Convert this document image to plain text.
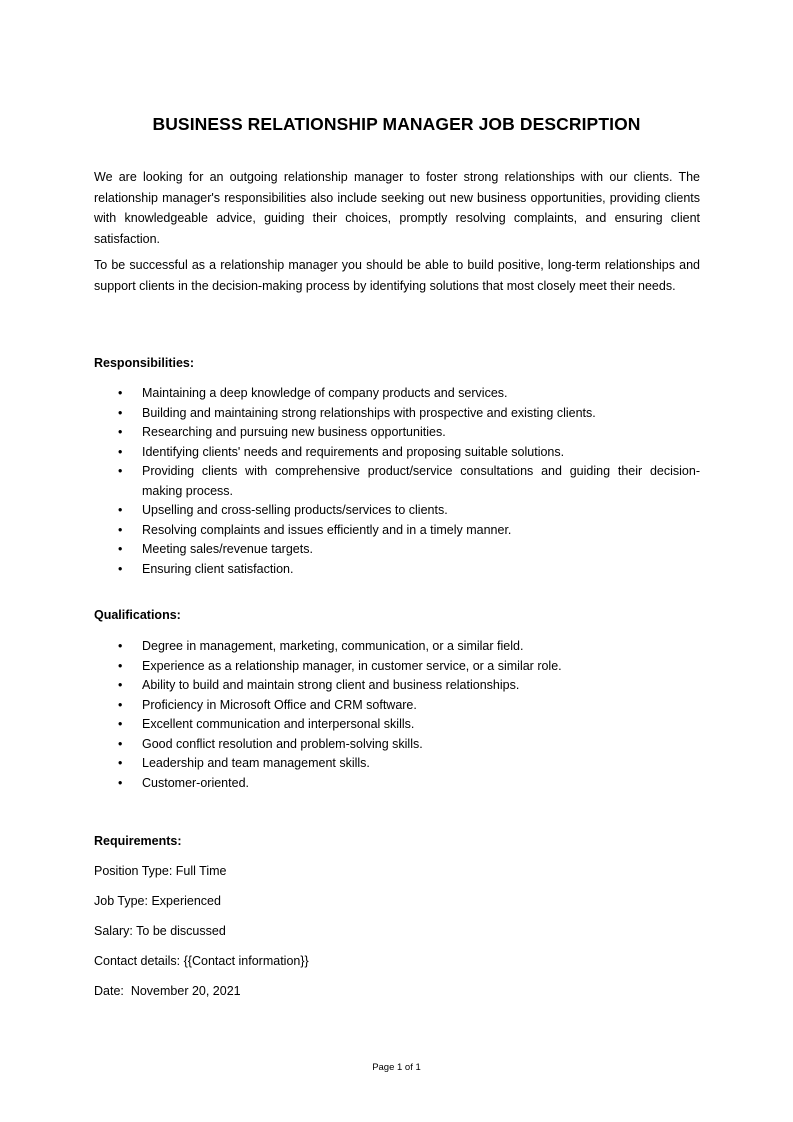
BUSINESS RELATIONSHIP MANAGER JOB DESCRIPTION
We are looking for an outgoing relationship manager to foster strong relationships with our clients. The relationship manager's responsibilities also include seeking out new business opportunities, providing clients with knowledgeable advice, guiding their choices, promptly resolving complaints, and ensuring client satisfaction.
To be successful as a relationship manager you should be able to build positive, long-term relationships and support clients in the decision-making process by identifying solutions that most closely meet their needs.
Responsibilities:
• Maintaining a deep knowledge of company products and services.
• Building and maintaining strong relationships with prospective and existing clients.
• Researching and pursuing new business opportunities.
• Identifying clients' needs and requirements and proposing suitable solutions.
• Providing clients with comprehensive product/service consultations and guiding their decision-making process.
• Upselling and cross-selling products/services to clients.
• Resolving complaints and issues efficiently and in a timely manner.
• Meeting sales/revenue targets.
• Ensuring client satisfaction.
Qualifications:
• Degree in management, marketing, communication, or a similar field.
• Experience as a relationship manager, in customer service, or a similar role.
• Ability to build and maintain strong client and business relationships.
• Proficiency in Microsoft Office and CRM software.
• Excellent communication and interpersonal skills.
• Good conflict resolution and problem-solving skills.
• Leadership and team management skills.
• Customer-oriented.
Requirements:
Position Type: Full Time
Job Type: Experienced
Salary: To be discussed
Contact details: {{Contact information}}
Date:  November 20, 2021
Page 1 of 1
